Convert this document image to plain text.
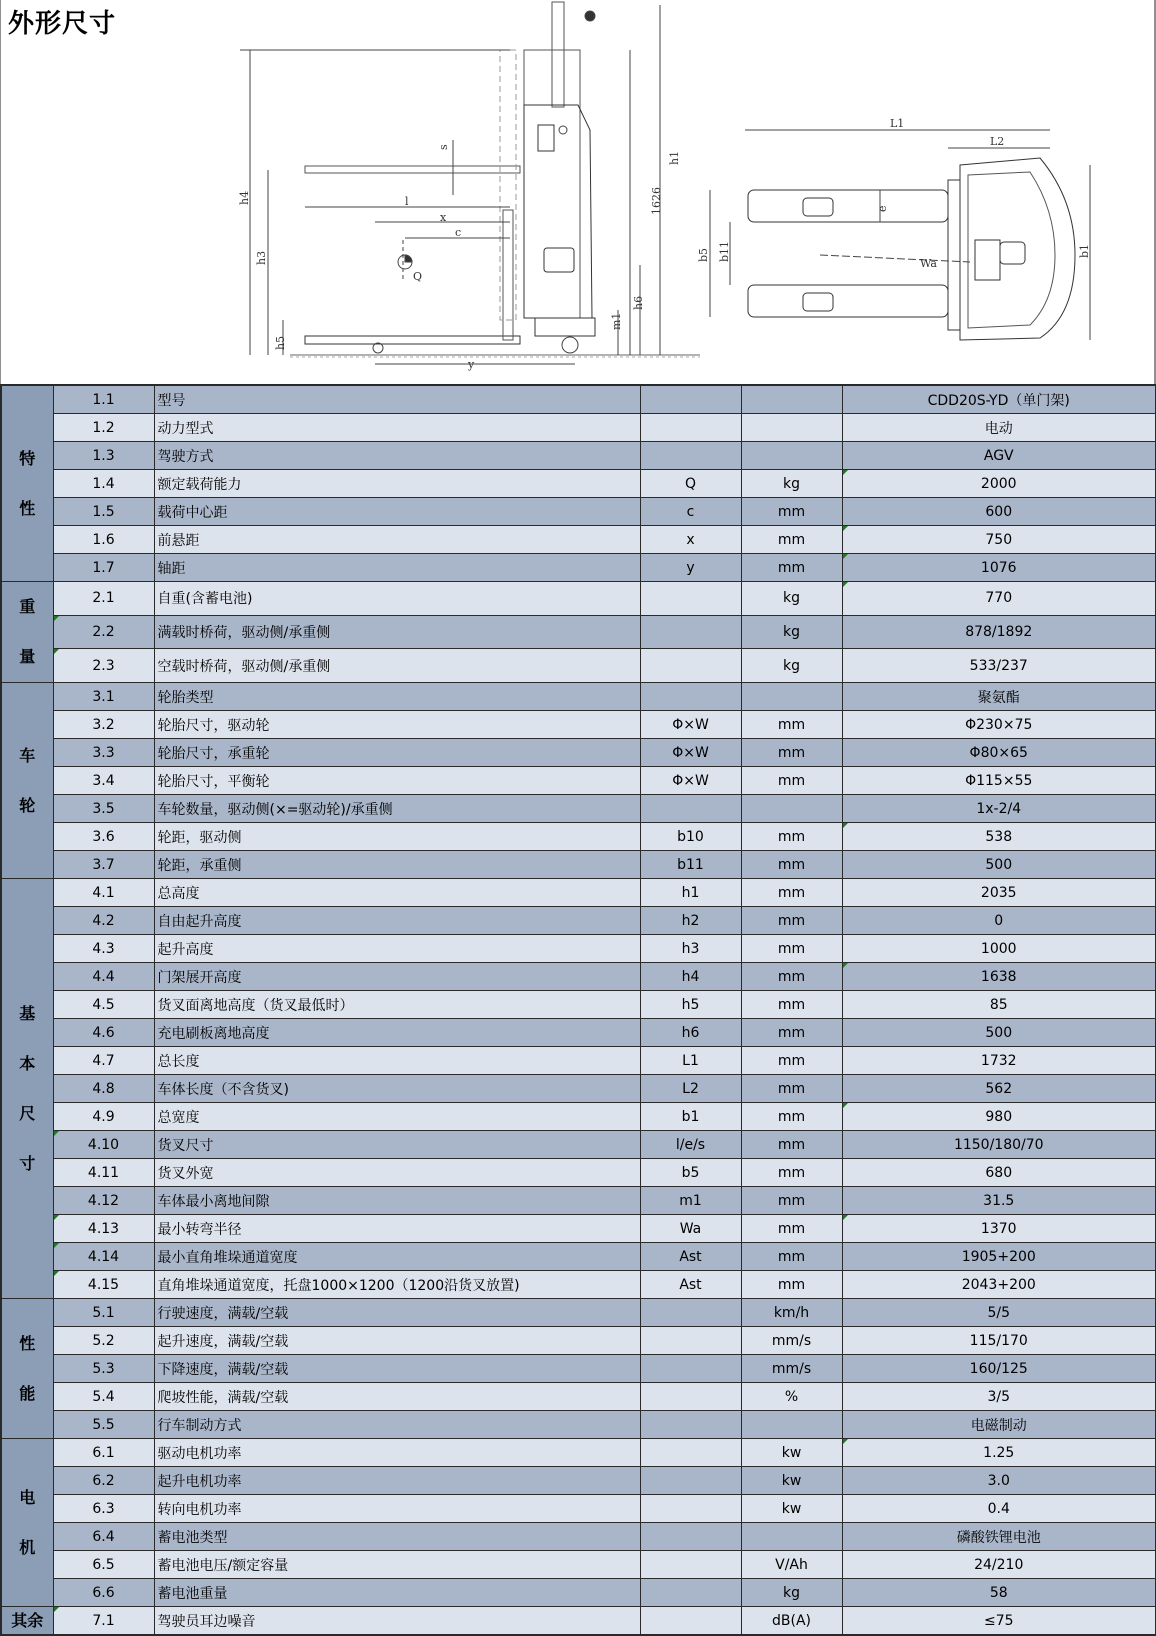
外形尺寸
s
l
x
c
Q
h4
h3
h1
1626
h6
h5
m1
y
L1
L2
e
b5 b11
Wa
b1
特
性	1.1	型号			CDD20S-YD（单门架)
	1.2	动力型式			电动
	1.3	驾驶方式			AGV
	1.4	额定载荷能力	Q	kg	2000
	1.5	载荷中心距	c	mm	600
	1.6	前悬距	x	mm	750
	1.7	轴距	y	mm	1076

重
量	2.1	自重(含蓄电池)		kg	770
	2.2	满载时桥荷，驱动侧/承重侧		kg	878/1892
	2.3	空载时桥荷，驱动侧/承重侧		kg	533/237

车
轮	3.1	轮胎类型			聚氨酯
	3.2	轮胎尺寸，驱动轮	Φ×W	mm	Φ230×75
	3.3	轮胎尺寸，承重轮	Φ×W	mm	Φ80×65
	3.4	轮胎尺寸，平衡轮	Φ×W	mm	Φ115×55
	3.5	车轮数量，驱动侧(×=驱动轮)/承重侧			1x-2/4
	3.6	轮距，驱动侧	b10	mm	538
	3.7	轮距，承重侧	b11	mm	500

基
本
尺
寸	4.1	总高度	h1	mm	2035
	4.2	自由起升高度	h2	mm	0
	4.3	起升高度	h3	mm	1000
	4.4	门架展开高度	h4	mm	1638
	4.5	货叉面离地高度（货叉最低时）	h5	mm	85
	4.6	充电刷板离地高度	h6	mm	500
	4.7	总长度	L1	mm	1732
	4.8	车体长度（不含货叉)	L2	mm	562
	4.9	总宽度	b1	mm	980
	4.10	货叉尺寸	l/e/s	mm	1150/180/70
	4.11	货叉外宽	b5	mm	680
	4.12	车体最小离地间隙	m1	mm	31.5
	4.13	最小转弯半径	Wa	mm	1370
	4.14	最小直角堆垛通道宽度	Ast	mm	1905+200
	4.15	直角堆垛通道宽度，托盘1000×1200（1200沿货叉放置)	Ast	mm	2043+200

性
能	5.1	行驶速度，满载/空载		km/h	5/5
	5.2	起升速度，满载/空载		mm/s	115/170
	5.3	下降速度，满载/空载		mm/s	160/125
	5.4	爬坡性能，满载/空载		%	3/5
	5.5	行车制动方式			电磁制动

电
机	6.1	驱动电机功率		kw	1.25
	6.2	起升电机功率		kw	3.0
	6.3	转向电机功率		kw	0.4
	6.4	蓄电池类型			磷酸铁锂电池
	6.5	蓄电池电压/额定容量		V/Ah	24/210
	6.6	蓄电池重量		kg	58

其余	7.1	驾驶员耳边噪音		dB(A)	≤75
